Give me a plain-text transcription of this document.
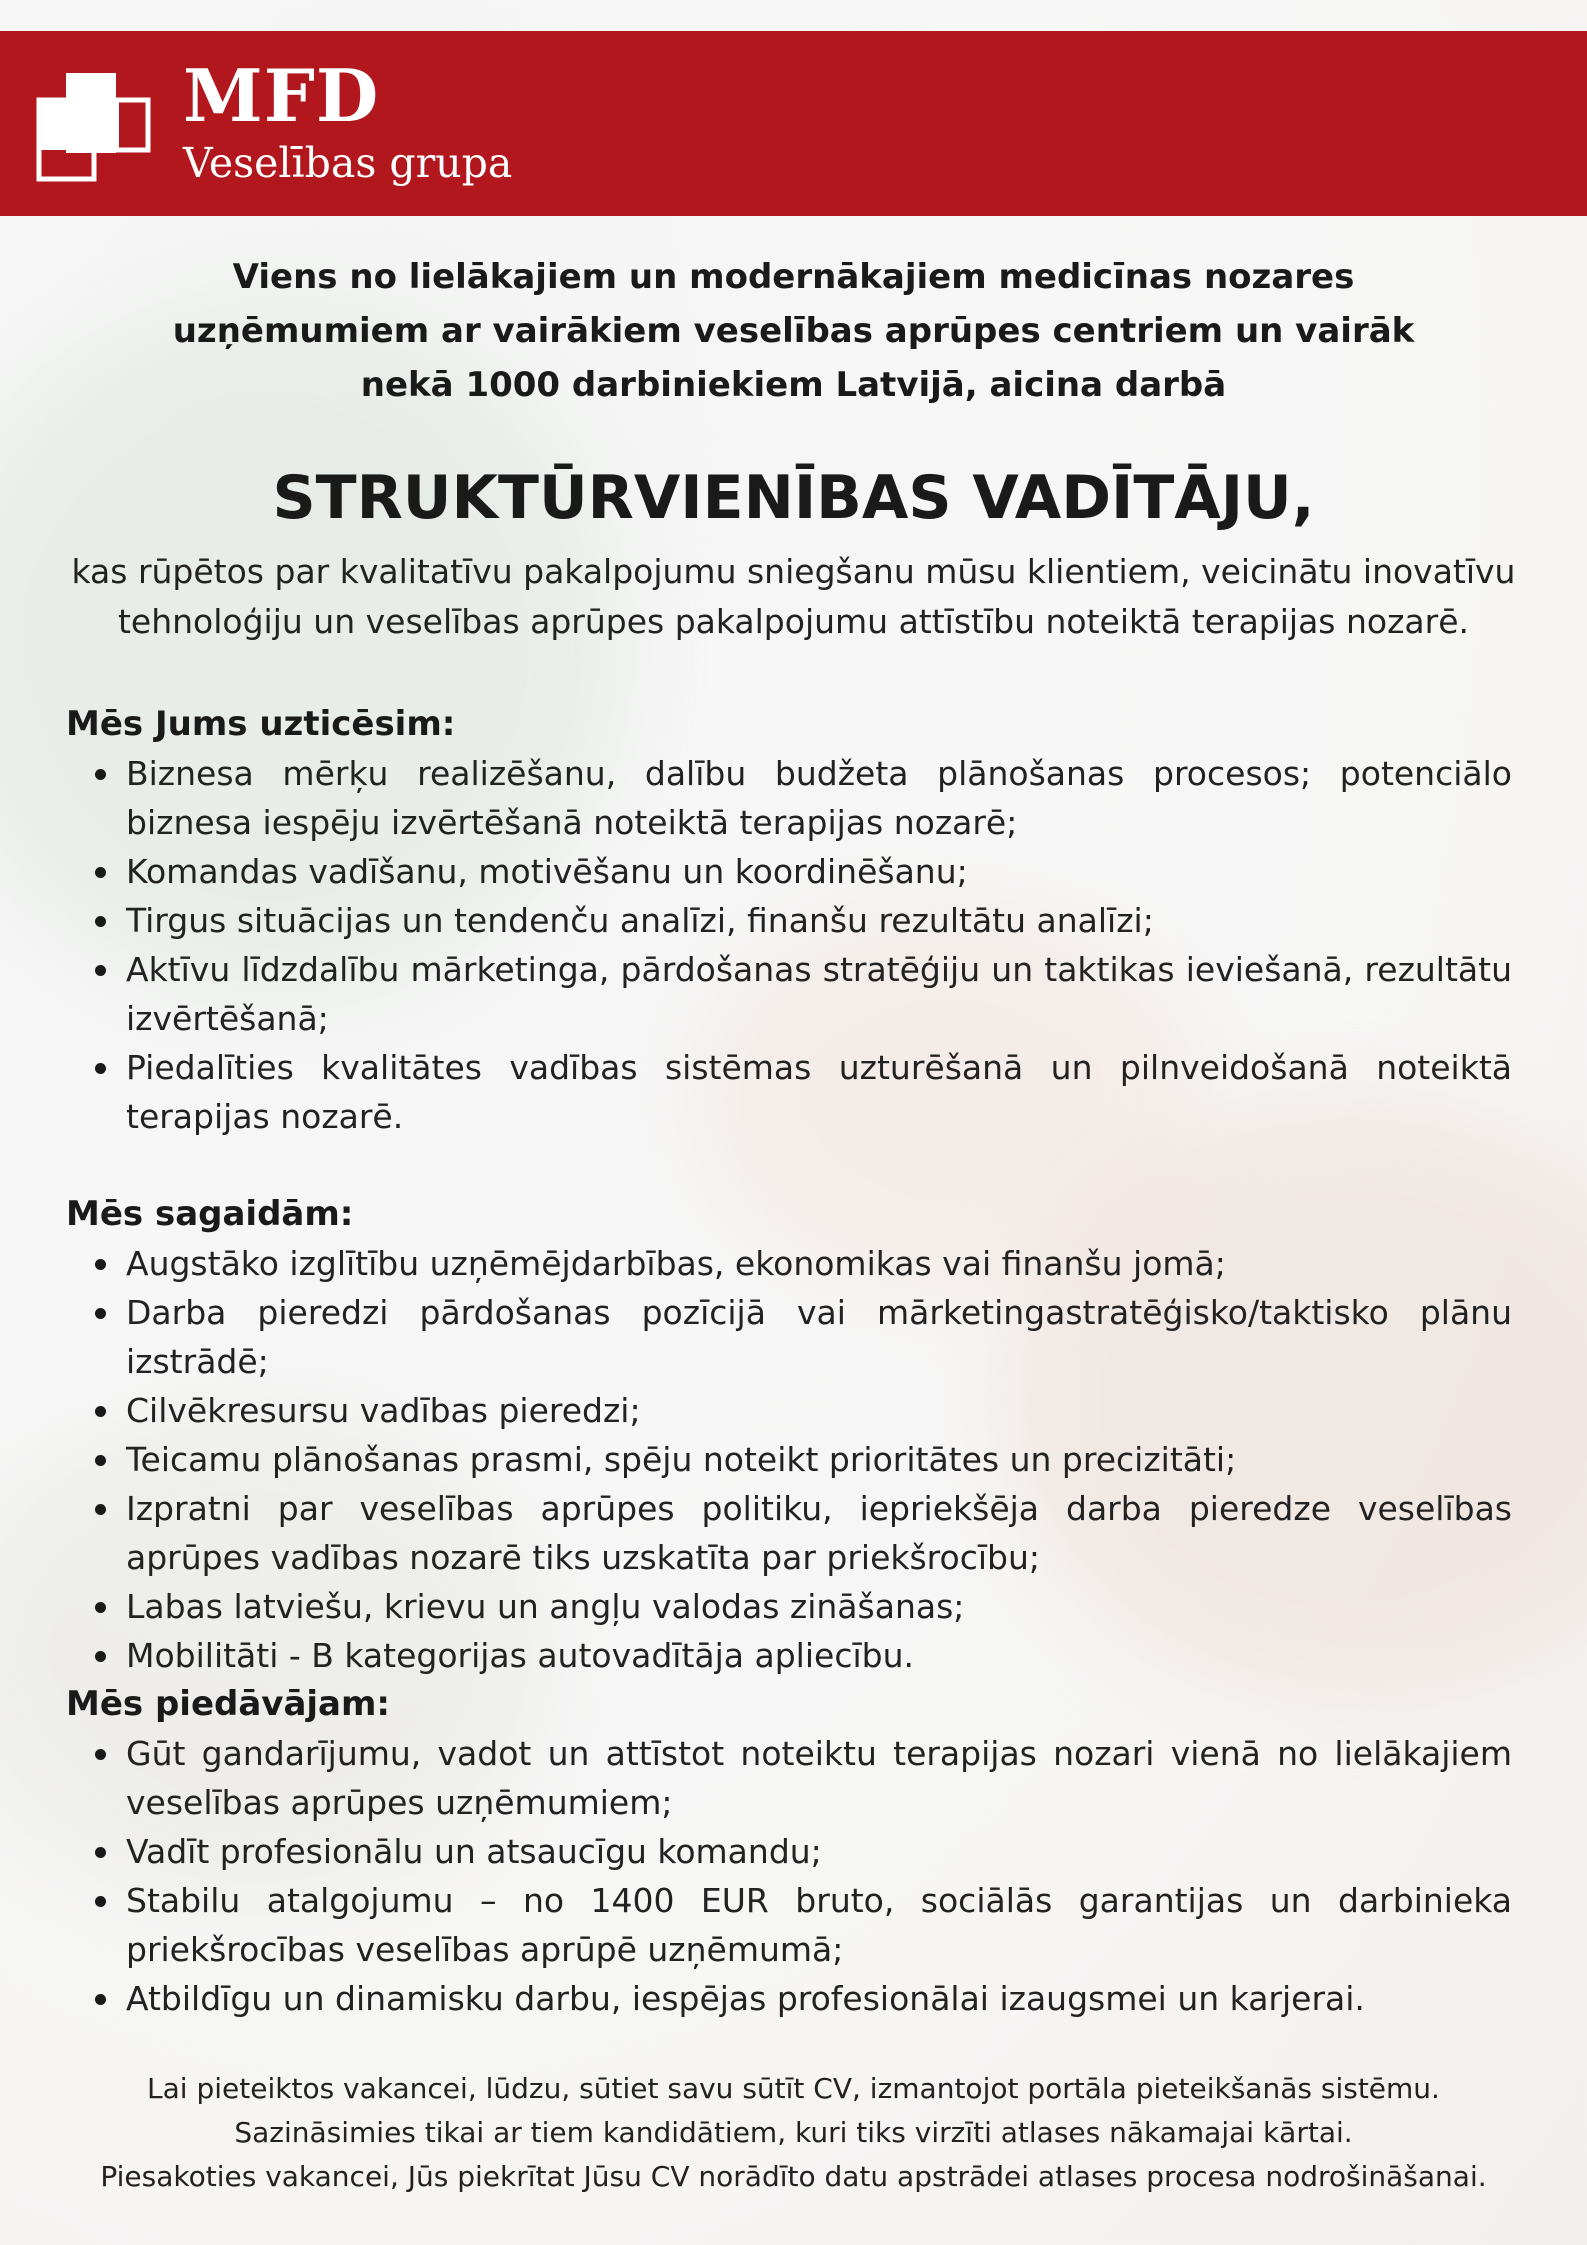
MFD
Veselības grupa
Viens no lielākajiem un modernākajiem medicīnas nozares
uzņēmumiem ar vairākiem veselības aprūpes centriem un vairāk
nekā 1000 darbiniekiem Latvijā, aicina darbā
STRUKTŪRVIENĪBAS VADĪTĀJU,
kas rūpētos par kvalitatīvu pakalpojumu sniegšanu mūsu klientiem, veicinātu inovatīvu
tehnoloģiju un veselības aprūpes pakalpojumu attīstību noteiktā terapijas nozarē.
Mēs Jums uzticēsim:
Biznesa mērķu realizēšanu, dalību budžeta plānošanas procesos; potenciālo biznesa iespēju izvērtēšanā noteiktā terapijas nozarē;
Komandas vadīšanu, motivēšanu un koordinēšanu;
Tirgus situācijas un tendenču analīzi, finanšu rezultātu analīzi;
Aktīvu līdzdalību mārketinga, pārdošanas stratēģiju un taktikas ieviešanā, rezultātu izvērtēšanā;
Piedalīties kvalitātes vadības sistēmas uzturēšanā un pilnveidošanā noteiktā terapijas nozarē.
Mēs sagaidām:
Augstāko izglītību uzņēmējdarbības, ekonomikas vai finanšu jomā;
Darba pieredzi pārdošanas pozīcijā vai mārketingastratēģisko/taktisko plānu izstrādē;
Cilvēkresursu vadības pieredzi;
Teicamu plānošanas prasmi, spēju noteikt prioritātes un precizitāti;
Izpratni par veselības aprūpes politiku, iepriekšēja darba pieredze veselības aprūpes vadības nozarē tiks uzskatīta par priekšrocību;
Labas latviešu, krievu un angļu valodas zināšanas;
Mobilitāti - B kategorijas autovadītāja apliecību.
Mēs piedāvājam:
Gūt gandarījumu, vadot un attīstot noteiktu terapijas nozari vienā no lielākajiem veselības aprūpes uzņēmumiem;
Vadīt profesionālu un atsaucīgu komandu;
Stabilu atalgojumu – no 1400 EUR bruto, sociālās garantijas un darbinieka priekšrocības veselības aprūpē uzņēmumā;
Atbildīgu un dinamisku darbu, iespējas profesionālai izaugsmei un karjerai.
Lai pieteiktos vakancei, lūdzu, sūtiet savu sūtīt CV, izmantojot portāla pieteikšanās sistēmu.
Sazināsimies tikai ar tiem kandidātiem, kuri tiks virzīti atlases nākamajai kārtai.
Piesakoties vakancei, Jūs piekrītat Jūsu CV norādīto datu apstrādei atlases procesa nodrošināšanai.
